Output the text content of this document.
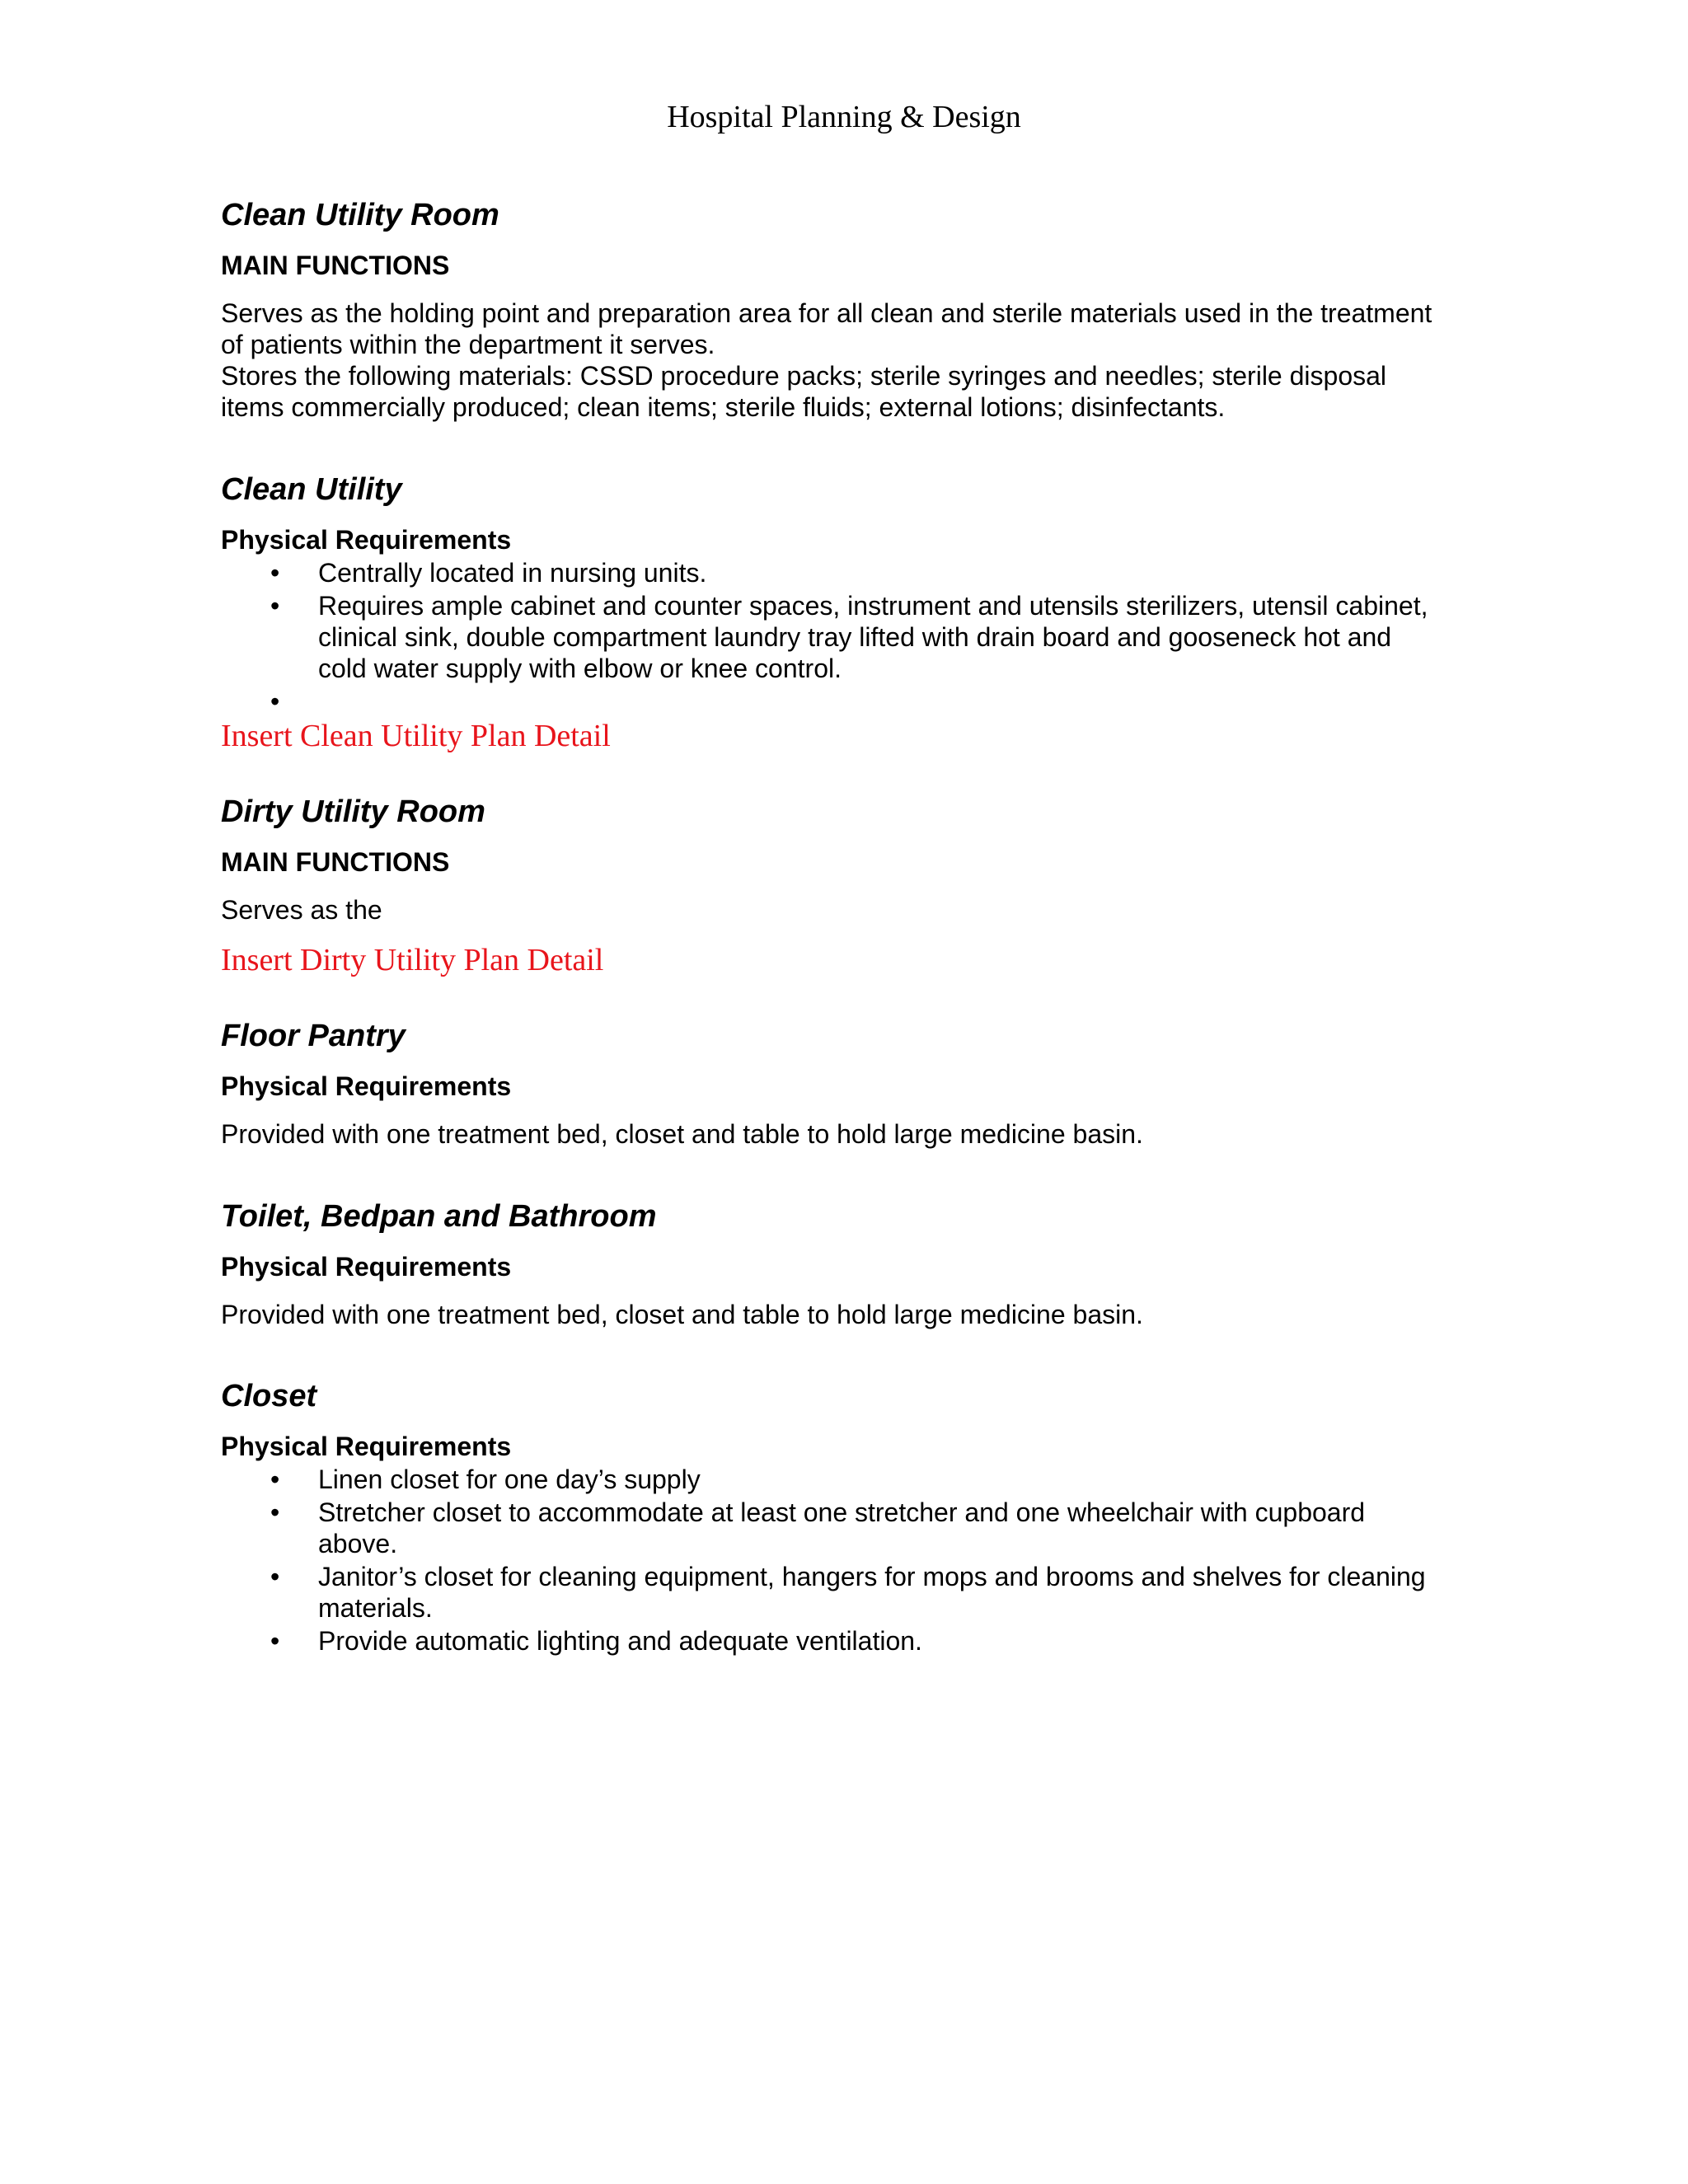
Hospital Planning & Design
Clean Utility Room
MAIN FUNCTIONS
Serves as the holding point and preparation area for all clean and sterile materials used in the treatment
of patients within the department it serves.
Stores the following materials: CSSD procedure packs; sterile syringes and needles; sterile disposal
items commercially produced; clean items; sterile fluids; external lotions; disinfectants.
Clean Utility
Physical Requirements
• Centrally located in nursing units.
• Requires ample cabinet and counter spaces, instrument and utensils sterilizers, utensil cabinet,
clinical sink, double compartment laundry tray lifted with drain board and gooseneck hot and
cold water supply with elbow or knee control.
•
Insert Clean Utility Plan Detail
Dirty Utility Room
MAIN FUNCTIONS
Serves as the
Insert Dirty Utility Plan Detail
Floor Pantry
Physical Requirements
Provided with one treatment bed, closet and table to hold large medicine basin.
Toilet, Bedpan and Bathroom
Physical Requirements
Provided with one treatment bed, closet and table to hold large medicine basin.
Closet
Physical Requirements
• Linen closet for one day’s supply
• Stretcher closet to accommodate at least one stretcher and one wheelchair with cupboard
above.
• Janitor’s closet for cleaning equipment, hangers for mops and brooms and shelves for cleaning
materials.
• Provide automatic lighting and adequate ventilation.
